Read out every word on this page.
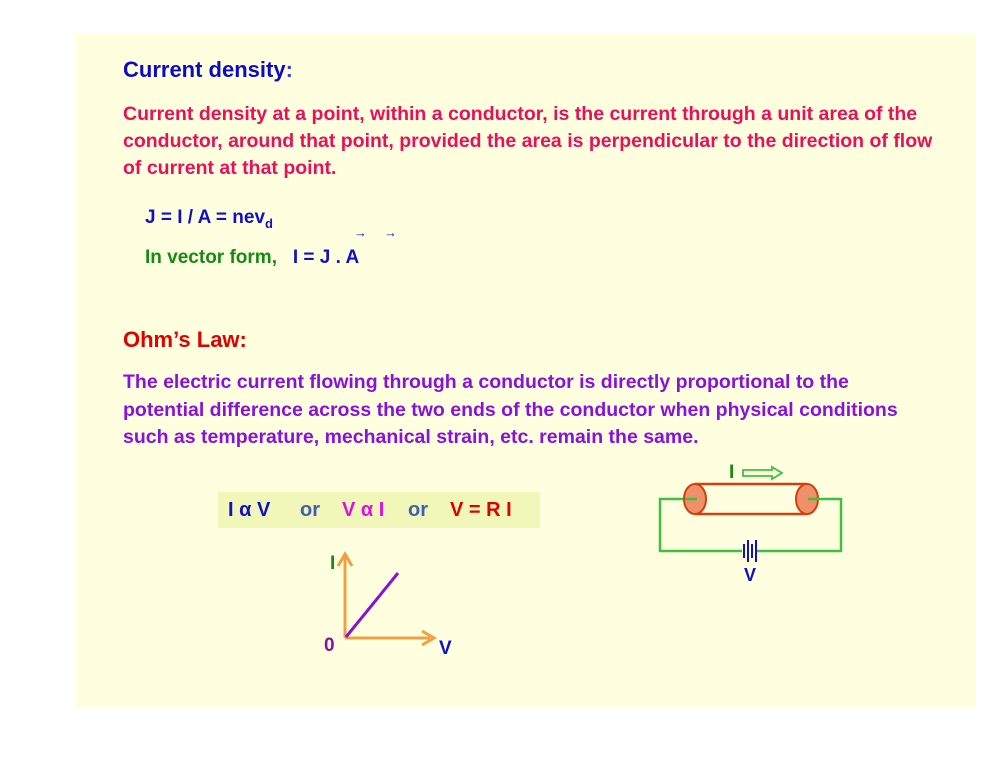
Current density:
Current density at a point, within a conductor, is the current through a unit area of the conductor, around that point, provided the area is perpendicular to the direction of flow of current at that point.
J = I / A = nev$_d$
→ →
In vector form, I = J . A
Ohm’s Law:
The electric current flowing through a conductor is directly proportional to the potential difference across the two ends of the conductor when physical conditions such as temperature, mechanical strain, etc. remain the same.
I α V or V α I or V = R I
I
V
0
I
V
